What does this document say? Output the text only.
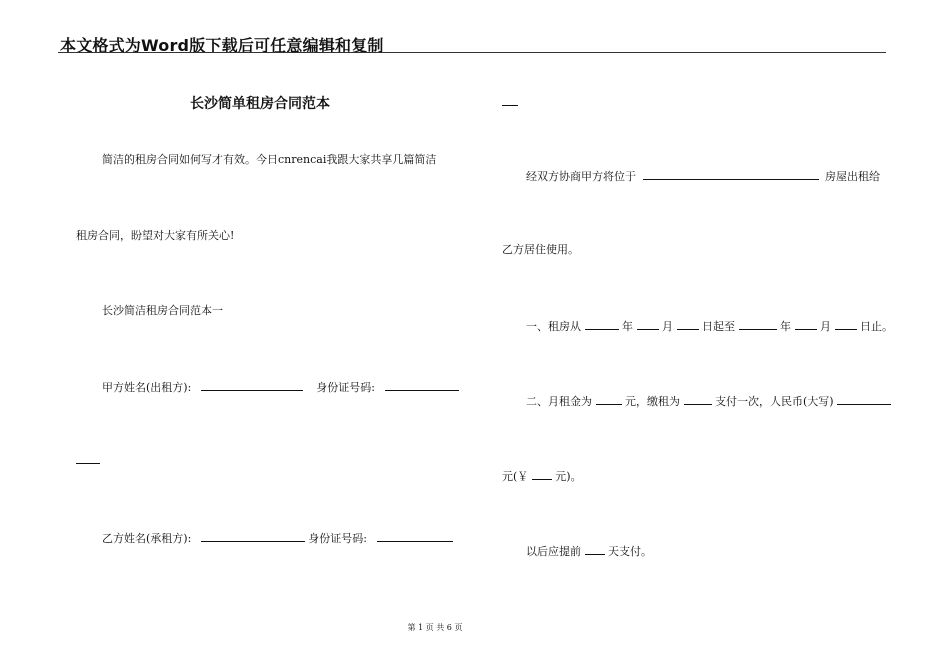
本文格式为Word版下载后可任意编辑和复制
长沙简单租房合同范本
简洁的租房合同如何写才有效。今日cnrencai我跟大家共享几篇简洁
租房合同，盼望对大家有所关心!
长沙简洁租房合同范本一
甲方姓名(出租方):	身份证号码:
乙方姓名(承租方):	身份证号码:
经双方协商甲方将位于	房屋出租给
乙方居住使用。
一、租房从	年	月	日起至	年	月	日止。
二、月租金为	元，缴租为	支付一次，人民币(大写)
元(￥ 元)。
以后应提前 天支付。
第 1 页 共 6 页
